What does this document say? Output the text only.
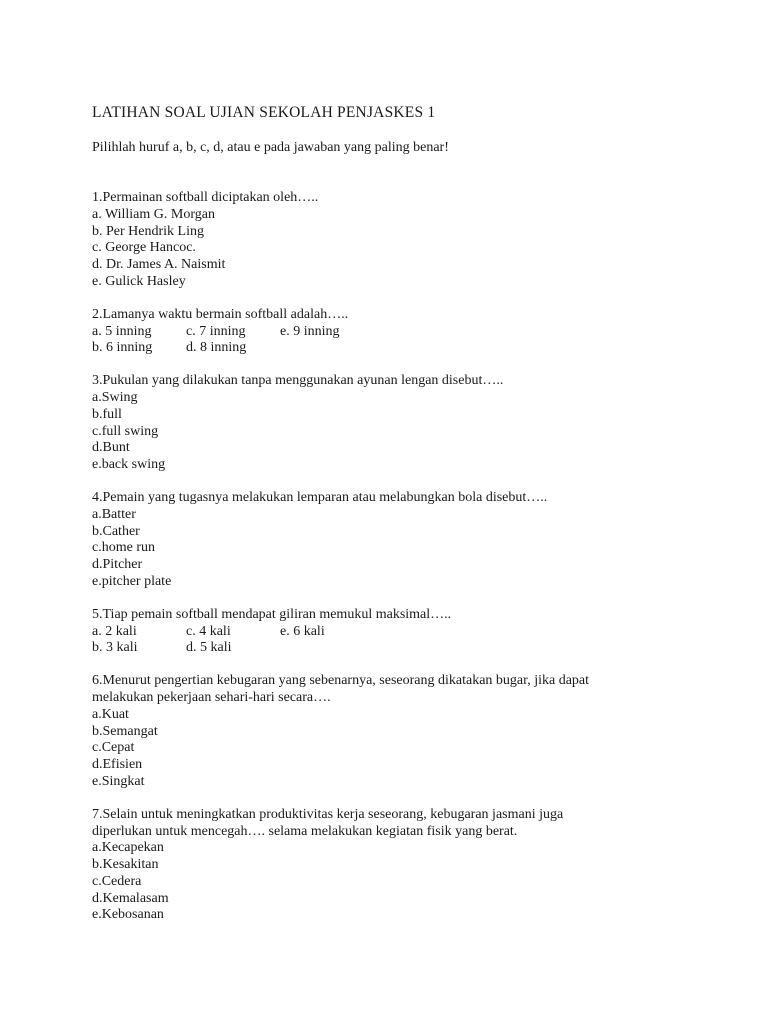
LATIHAN SOAL UJIAN SEKOLAH PENJASKES 1

Pilihlah huruf a, b, c, d, atau e pada jawaban yang paling benar!

1.Permainan softball diciptakan oleh…..
a. William G. Morgan
b. Per Hendrik Ling
c. George Hancoc.
d. Dr. James A. Naismit
e. Gulick Hasley
2.Lamanya waktu bermain softball adalah…..
a. 5 inning	c. 7 inning	e. 9 inning
b. 6 inning	d. 8 inning
3.Pukulan yang dilakukan tanpa menggunakan ayunan lengan disebut…..
a.Swing
b.full
c.full swing
d.Bunt
e.back swing
4.Pemain yang tugasnya melakukan lemparan atau melabungkan bola disebut…..
a.Batter
b.Cather
c.home run
d.Pitcher
e.pitcher plate
5.Tiap pemain softball mendapat giliran memukul maksimal…..
a. 2 kali	c. 4 kali	e. 6 kali
b. 3 kali	d. 5 kali
6.Menurut pengertian kebugaran yang sebenarnya, seseorang dikatakan bugar, jika dapat
melakukan pekerjaan sehari-hari secara….
a.Kuat
b.Semangat
c.Cepat
d.Efisien
e.Singkat
7.Selain untuk meningkatkan produktivitas kerja seseorang, kebugaran jasmani juga
diperlukan untuk mencegah…. selama melakukan kegiatan fisik yang berat.
a.Kecapekan
b.Kesakitan
c.Cedera
d.Kemalasam
e.Kebosanan
